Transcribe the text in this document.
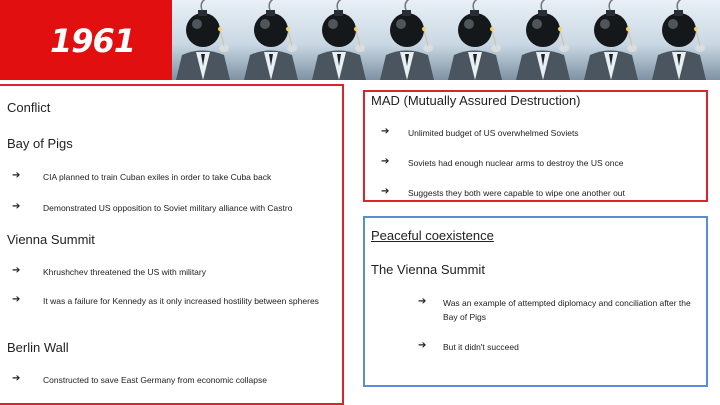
1961
Conflict
Bay of Pigs
➔	CIA planned to train Cuban exiles in order to take Cuba back
➔	Demonstrated US opposition to Soviet military alliance with Castro
Vienna Summit
➔	Khrushchev threatened the US with military
➔	It was a failure for Kennedy as it only increased hostility between spheres
Berlin Wall
➔	Constructed to save East Germany from economic collapse
MAD (Mutually Assured Destruction)
➔ Unlimited budget of US overwhelmed Soviets
➔ Soviets had enough nuclear arms to destroy the US once
➔ Suggests they both were capable to wipe one another out
Peaceful coexistence
The Vienna Summit
➔ Was an example of attempted diplomacy and conciliation after the Bay of Pigs
➔ But it didn't succeed
